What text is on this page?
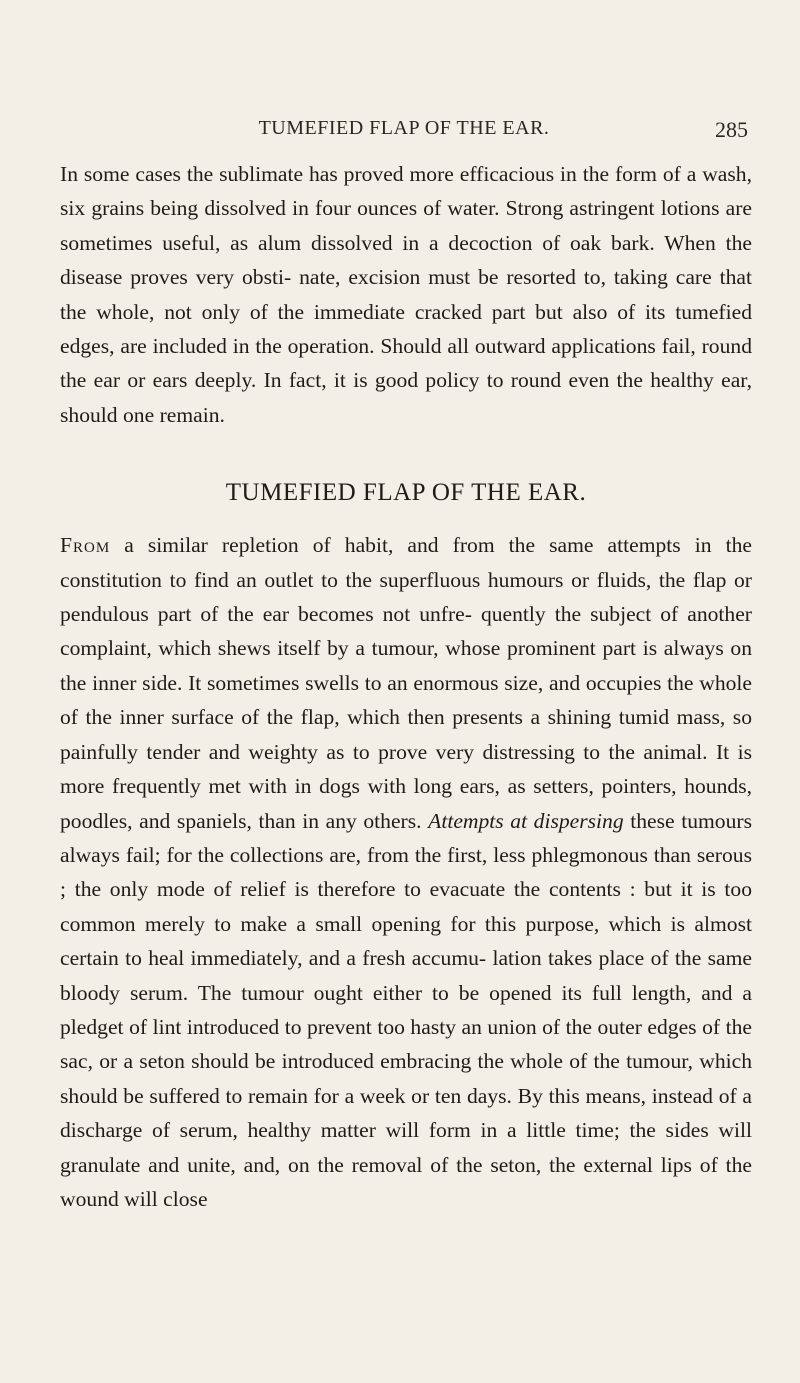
TUMEFIED FLAP OF THE EAR.	285

In some cases the sublimate has proved more efficacious in the form of a wash, six grains being dissolved in four ounces of water. Strong astringent lotions are sometimes useful, as alum dissolved in a decoction of oak bark. When the disease proves very obsti- nate, excision must be resorted to, taking care that the whole, not only of the immediate cracked part but also of its tumefied edges, are included in the operation. Should all outward applications fail, round the ear or ears deeply. In fact, it is good policy to round even the healthy ear, should one remain.

TUMEFIED FLAP OF THE EAR.

From a similar repletion of habit, and from the same attempts in the constitution to find an outlet to the superfluous humours or fluids, the flap or pendulous part of the ear becomes not unfre- quently the subject of another complaint, which shews itself by a tumour, whose prominent part is always on the inner side. It sometimes swells to an enormous size, and occupies the whole of the inner surface of the flap, which then presents a shining tumid mass, so painfully tender and weighty as to prove very distressing to the animal. It is more frequently met with in dogs with long ears, as setters, pointers, hounds, poodles, and spaniels, than in any others. Attempts at dispersing these tumours always fail; for the collections are, from the first, less phlegmonous than serous ; the only mode of relief is therefore to evacuate the contents : but it is too common merely to make a small opening for this purpose, which is almost certain to heal immediately, and a fresh accumu- lation takes place of the same bloody serum. The tumour ought either to be opened its full length, and a pledget of lint introduced to prevent too hasty an union of the outer edges of the sac, or a seton should be introduced embracing the whole of the tumour, which should be suffered to remain for a week or ten days. By this means, instead of a discharge of serum, healthy matter will form in a little time; the sides will granulate and unite, and, on the removal of the seton, the external lips of the wound will close
